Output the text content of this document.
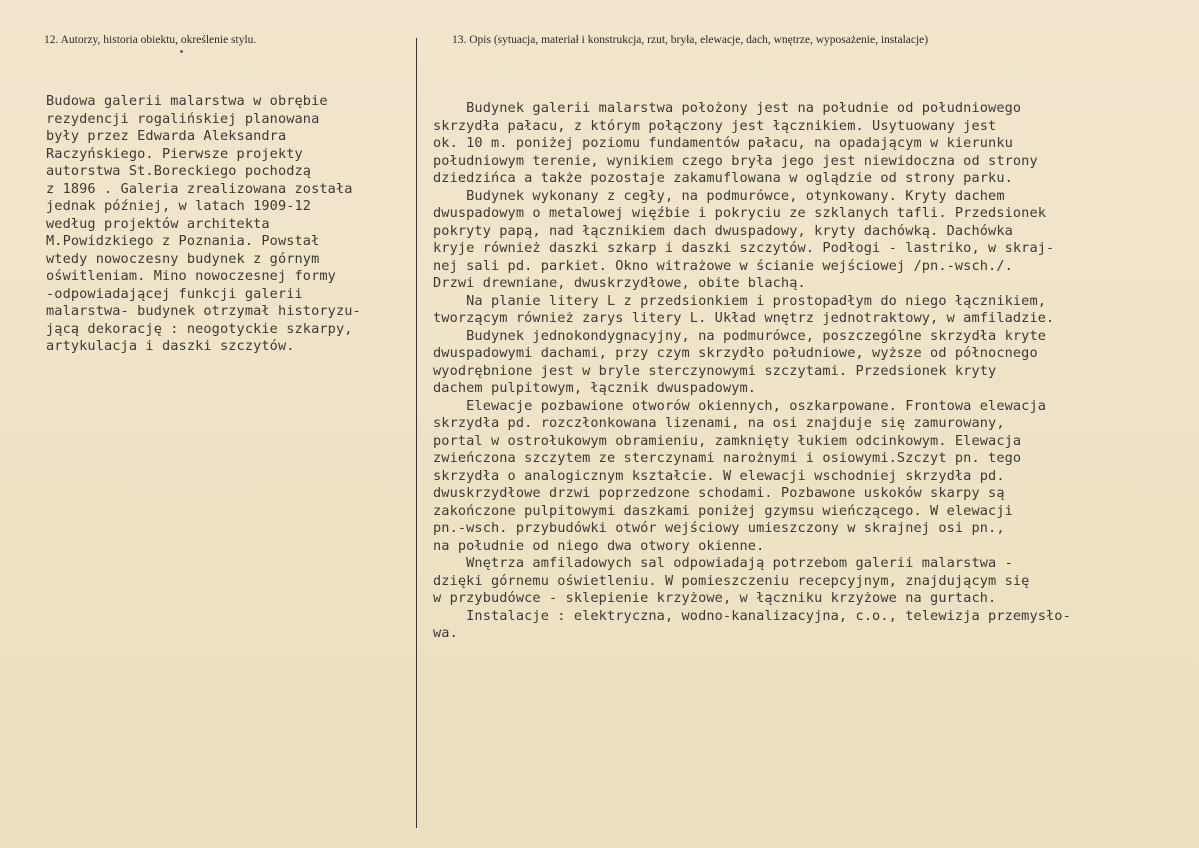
12. Autorzy, historia obiektu, określenie stylu.	13. Opis (sytuacja, materiał i konstrukcja, rzut, bryła, elewacje, dach, wnętrze, wyposażenie, instalacje)
Budowa galerii malarstwa w obrębie
rezydencji rogalińskiej planowana
były przez Edwarda Aleksandra
Raczyńskiego. Pierwsze projekty
autorstwa St.Boreckiego pochodzą
z 1896 . Galeria zrealizowana została
jednak później, w latach 1909-12
według projektów architekta
M.Powidzkiego z Poznania. Powstał
wtedy nowoczesny budynek z górnym
oświtleniam. Mino nowoczesnej formy
-odpowiadającej funkcji galerii
malarstwa- budynek otrzymał historyzu-
jącą dekorację : neogotyckie szkarpy,
artykulacja i daszki szczytów.
Budynek galerii malarstwa położony jest na południe od południowego
skrzydła pałacu, z którym połączony jest łącznikiem. Usytuowany jest
ok. 10 m. poniżej poziomu fundamentów pałacu, na opadającym w kierunku
południowym terenie, wynikiem czego bryła jego jest niewidoczna od strony
dziedzińca a także pozostaje zakamuflowana w oglądzie od strony parku.
Budynek wykonany z cegły, na podmurówce, otynkowany. Kryty dachem
dwuspadowym o metalowej więźbie i pokryciu ze szklanych tafli. Przedsionek
pokryty papą, nad łącznikiem dach dwuspadowy, kryty dachówką. Dachówka
kryje również daszki szkarp i daszki szczytów. Podłogi - lastriko, w skraj-
nej sali pd. parkiet. Okno witrażowe w ścianie wejściowej /pn.-wsch./.
Drzwi drewniane, dwuskrzydłowe, obite blachą.
Na planie litery L z przedsionkiem i prostopadłym do niego łącznikiem,
tworzącym również zarys litery L. Układ wnętrz jednotraktowy, w amfiladzie.
Budynek jednokondygnacyjny, na podmurówce, poszczególne skrzydła kryte
dwuspadowymi dachami, przy czym skrzydło południowe, wyższe od północnego
wyodrębnione jest w bryle sterczynowymi szczytami. Przedsionek kryty
dachem pulpitowym, łącznik dwuspadowym.
Elewacje pozbawione otworów okiennych, oszkarpowane. Frontowa elewacja
skrzydła pd. rozczłonkowana lizenami, na osi znajduje się zamurowany,
portal w ostrołukowym obramieniu, zamknięty łukiem odcinkowym. Elewacja
zwieńczona szczytem ze sterczynami narożnymi i osiowymi.Szczyt pn. tego
skrzydła o analogicznym kształcie. W elewacji wschodniej skrzydła pd.
dwuskrzydłowe drzwi poprzedzone schodami. Pozbawone uskoków skarpy są
zakończone pulpitowymi daszkami poniżej gzymsu wieńczącego. W elewacji
pn.-wsch. przybudówki otwór wejściowy umieszczony w skrajnej osi pn.,
na południe od niego dwa otwory okienne.
Wnętrza amfiladowych sal odpowiadają potrzebom galerii malarstwa -
dzięki górnemu oświetleniu. W pomieszczeniu recepcyjnym, znajdującym się
w przybudówce - sklepienie krzyżowe, w łączniku krzyżowe na gurtach.
Instalacje : elektryczna, wodno-kanalizacyjna, c.o., telewizja przemysło-
wa.
